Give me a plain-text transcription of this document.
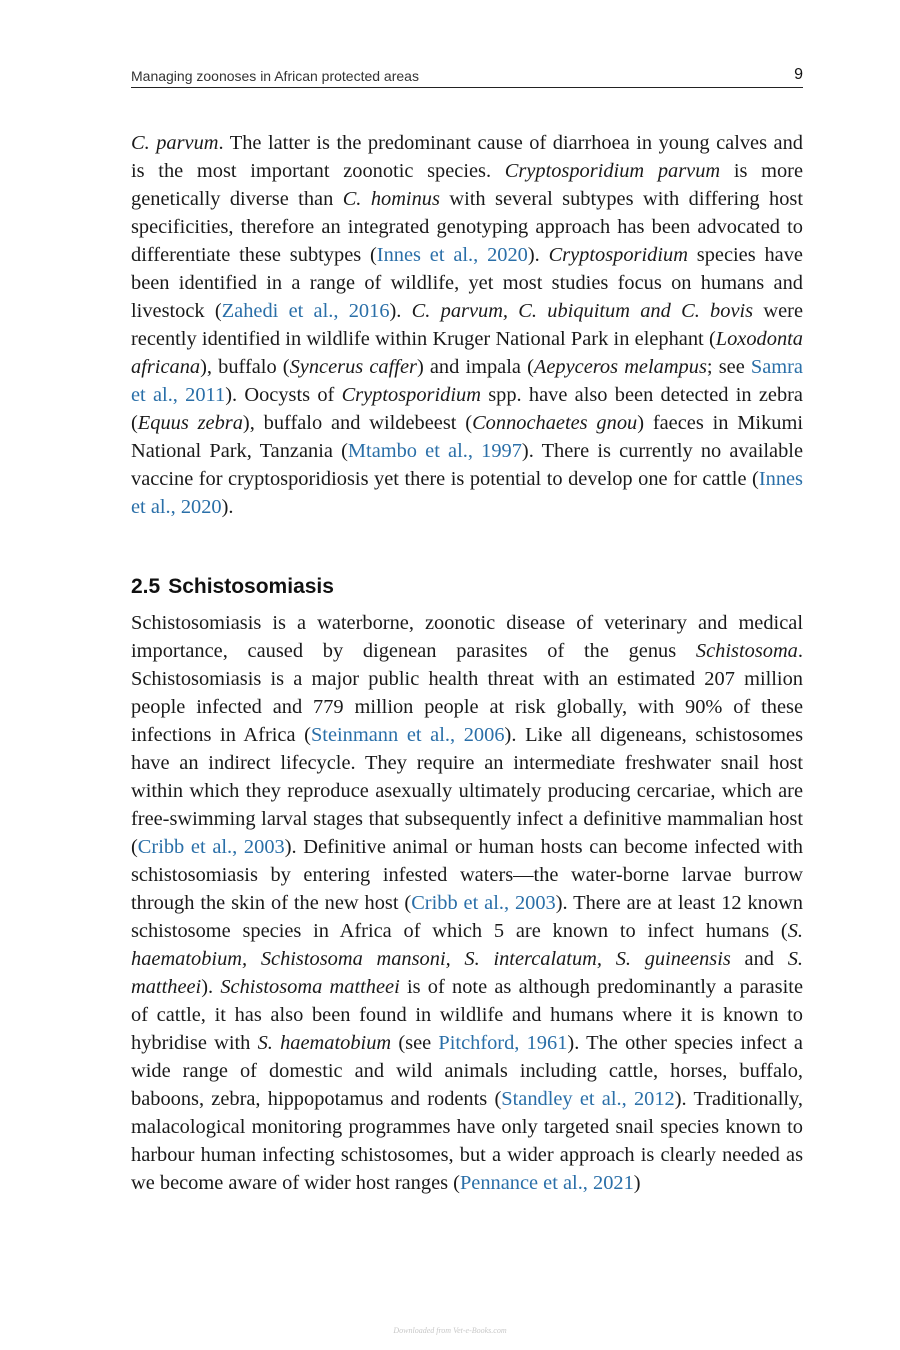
Managing zoonoses in African protected areas	9

C. parvum. The latter is the predominant cause of diarrhoea in young calves and is the most important zoonotic species. Cryptosporidium parvum is more genetically diverse than C. hominus with several subtypes with differing host specificities, therefore an integrated genotyping approach has been advocated to differentiate these subtypes (Innes et al., 2020). Cryptosporidium species have been identified in a range of wildlife, yet most studies focus on humans and livestock (Zahedi et al., 2016). C. parvum, C. ubiquitum and C. bovis were recently identified in wildlife within Kruger National Park in elephant (Loxodonta africana), buffalo (Syncerus caffer) and impala (Aepyceros melampus; see Samra et al., 2011). Oocysts of Cryptosporidium spp. have also been detected in zebra (Equus zebra), buffalo and wildebeest (Connochaetes gnou) faeces in Mikumi National Park, Tanzania (Mtambo et al., 1997). There is currently no available vaccine for cryptosporidiosis yet there is potential to develop one for cattle (Innes et al., 2020).

2.5 Schistosomiasis

Schistosomiasis is a waterborne, zoonotic disease of veterinary and medical importance, caused by digenean parasites of the genus Schistosoma. Schistosomiasis is a major public health threat with an estimated 207 million people infected and 779 million people at risk globally, with 90% of these infections in Africa (Steinmann et al., 2006). Like all digeneans, schistosomes have an indirect lifecycle. They require an intermediate freshwater snail host within which they reproduce asexually ultimately producing cercariae, which are free-swimming larval stages that subsequently infect a definitive mammalian host (Cribb et al., 2003). Definitive animal or human hosts can become infected with schistosomiasis by entering infested waters—the water-borne larvae burrow through the skin of the new host (Cribb et al., 2003). There are at least 12 known schistosome species in Africa of which 5 are known to infect humans (S. haematobium, Schistosoma mansoni, S. intercalatum, S. guineensis and S. mattheei). Schistosoma mattheei is of note as although predominantly a parasite of cattle, it has also been found in wildlife and humans where it is known to hybridise with S. haematobium (see Pitchford, 1961). The other species infect a wide range of domestic and wild animals including cattle, horses, buffalo, baboons, zebra, hippopotamus and rodents (Standley et al., 2012). Traditionally, malacological monitoring programmes have only targeted snail species known to harbour human infecting schistosomes, but a wider approach is clearly needed as we become aware of wider host ranges (Pennance et al., 2021)

Downloaded from Vet-e-Books.com
